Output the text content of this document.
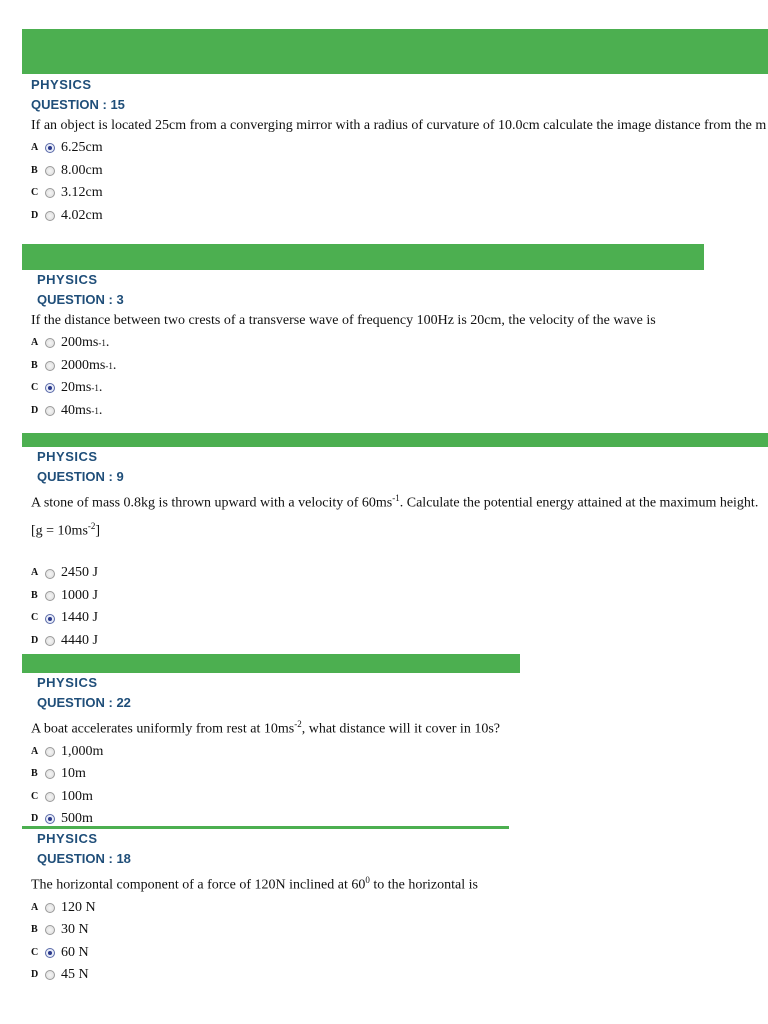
PHYSICS
QUESTION : 15
If an object is located 25cm from a converging mirror with a radius of curvature of 10.0cm calculate the image distance from the m
A	6.25cm
B	8.00cm
C	3.12cm
D	4.02cm
PHYSICS
QUESTION : 3
If the distance between two crests of a transverse wave of frequency 100Hz is 20cm, the velocity of the wave is
A	200ms -1 .
B	2000ms -1 .
C	20ms -1 .
D	40ms -1 .
PHYSICS
QUESTION : 9
A stone of mass 0.8kg is thrown upward with a velocity of $60ms^{-1}$. Calculate the potential energy attained at the maximum height.
$[g = 10ms^{-2}]$
A	2450 J
B	1000 J
C	1440 J
D	4440 J
PHYSICS
QUESTION : 22
A boat accelerates uniformly from rest at $10ms^{-2}$, what distance will it cover in 10s?
A	1,000m
B	10m
C	100m
D	500m
PHYSICS
QUESTION : 18
The horizontal component of a force of 120N inclined at $60^0$ to the horizontal is
A	120 N
B	30 N
C	60 N
D	45 N
